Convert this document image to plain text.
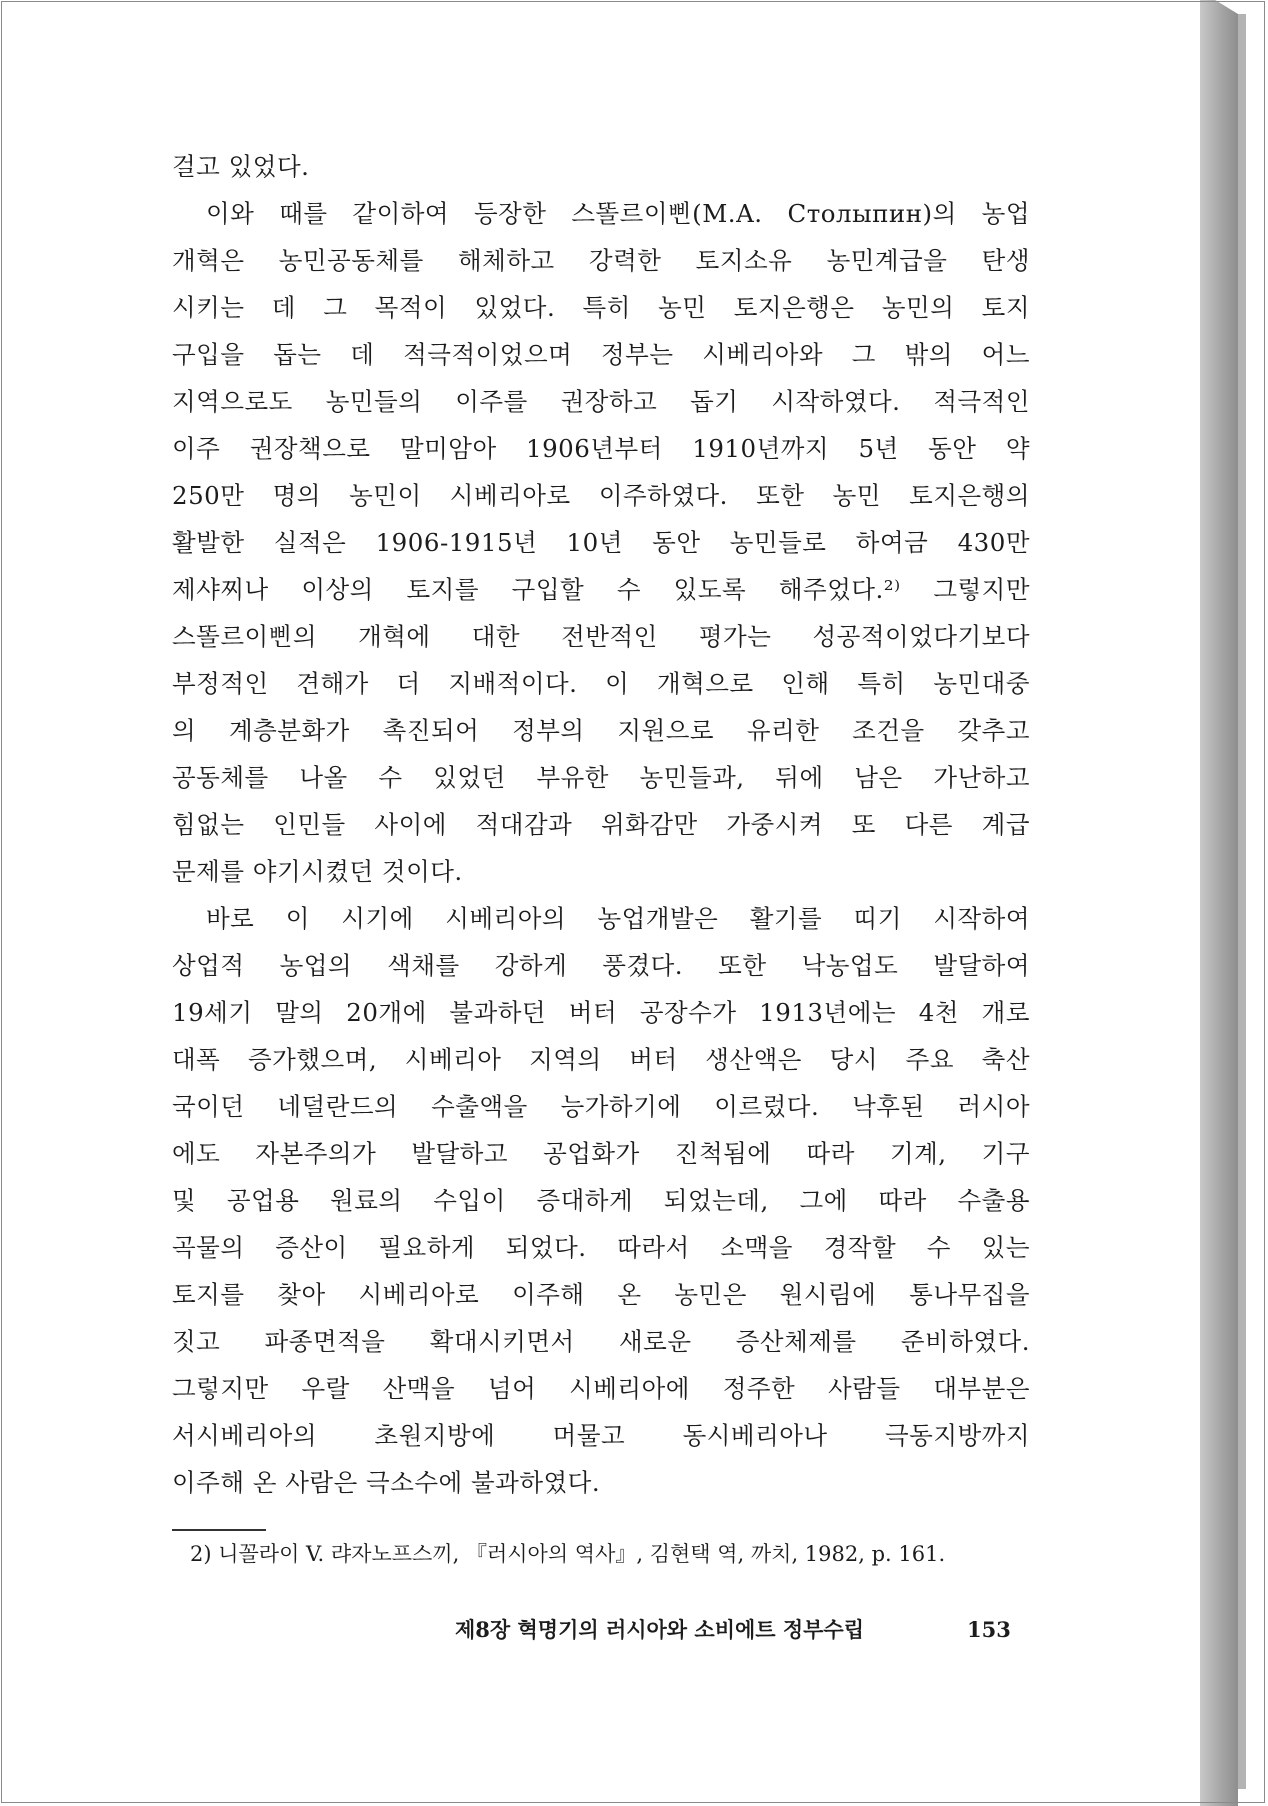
걸고 있었다.
이와 때를 같이하여 등장한 스똘르이삔(M.A. Столыпин)의 농업
개혁은 농민공동체를 해체하고 강력한 토지소유 농민계급을 탄생
시키는 데 그 목적이 있었다. 특히 농민 토지은행은 농민의 토지
구입을 돕는 데 적극적이었으며 정부는 시베리아와 그 밖의 어느
지역으로도 농민들의 이주를 권장하고 돕기 시작하였다. 적극적인
이주 권장책으로 말미암아 1906년부터 1910년까지 5년 동안 약
250만 명의 농민이 시베리아로 이주하였다. 또한 농민 토지은행의
활발한 실적은 1906-1915년 10년 동안 농민들로 하여금 430만
제샤찌나 이상의 토지를 구입할 수 있도록 해주었다.²⁾ 그렇지만
스똘르이삔의 개혁에 대한 전반적인 평가는 성공적이었다기보다
부정적인 견해가 더 지배적이다. 이 개혁으로 인해 특히 농민대중
의 계층분화가 촉진되어 정부의 지원으로 유리한 조건을 갖추고
공동체를 나올 수 있었던 부유한 농민들과, 뒤에 남은 가난하고
힘없는 인민들 사이에 적대감과 위화감만 가중시켜 또 다른 계급
문제를 야기시켰던 것이다.
바로 이 시기에 시베리아의 농업개발은 활기를 띠기 시작하여
상업적 농업의 색채를 강하게 풍겼다. 또한 낙농업도 발달하여
19세기 말의 20개에 불과하던 버터 공장수가 1913년에는 4천 개로
대폭 증가했으며, 시베리아 지역의 버터 생산액은 당시 주요 축산
국이던 네덜란드의 수출액을 능가하기에 이르렀다. 낙후된 러시아
에도 자본주의가 발달하고 공업화가 진척됨에 따라 기계, 기구
및 공업용 원료의 수입이 증대하게 되었는데, 그에 따라 수출용
곡물의 증산이 필요하게 되었다. 따라서 소맥을 경작할 수 있는
토지를 찾아 시베리아로 이주해 온 농민은 원시림에 통나무집을
짓고 파종면적을 확대시키면서 새로운 증산체제를 준비하였다.
그렇지만 우랄 산맥을 넘어 시베리아에 정주한 사람들 대부분은
서시베리아의 초원지방에 머물고 동시베리아나 극동지방까지
이주해 온 사람은 극소수에 불과하였다.
2) 니꼴라이 V. 랴자노프스끼, 『러시아의 역사』, 김현택 역, 까치, 1982, p. 161.
제8장 혁명기의 러시아와 소비에트 정부수립	153
